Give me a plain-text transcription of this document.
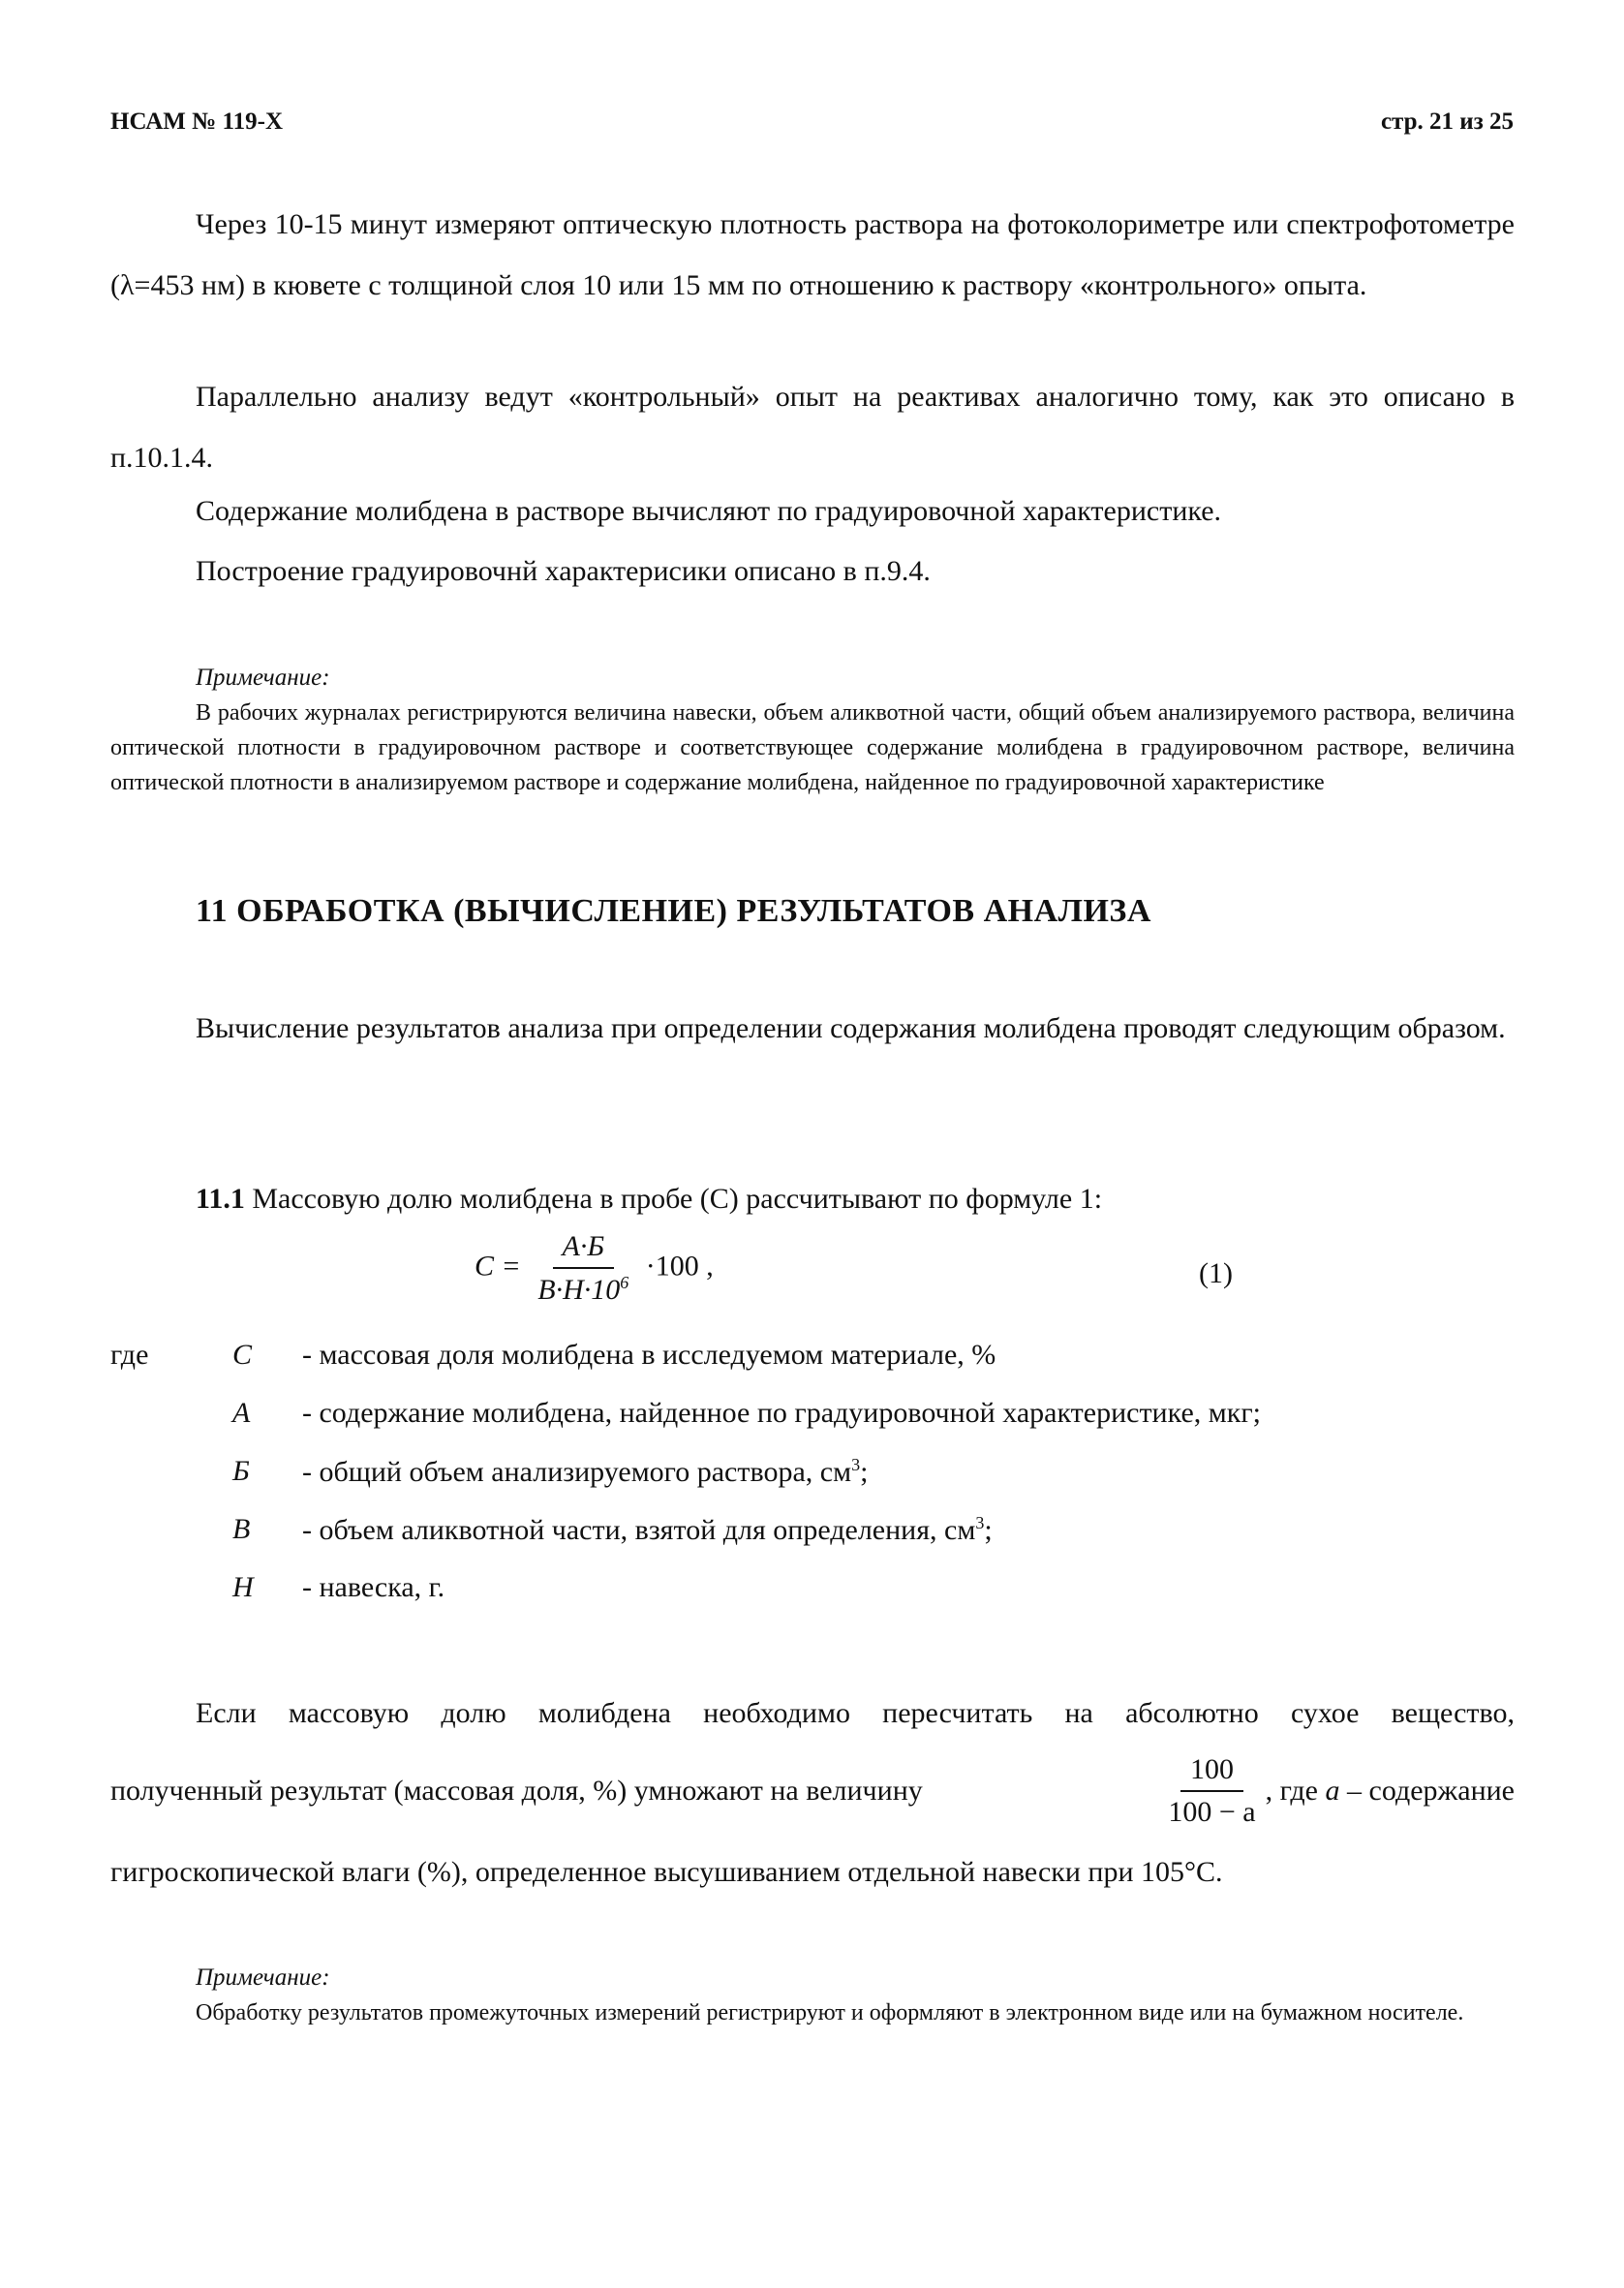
НСАМ № 119-Х	стр. 21 из 25

Через 10-15 минут измеряют оптическую плотность раствора на фотоколориметре или спектрофотометре (λ=453 нм) в кювете с толщиной слоя 10 или 15 мм по отношению к раствору «контрольного» опыта.

Параллельно анализу ведут «контрольный» опыт на реактивах аналогично тому, как это описано в п.10.1.4.

Содержание молибдена в растворе вычисляют по градуировочной характеристике.
Построение градуировочнй характерисики описано в п.9.4.
Примечание:

В рабочих журналах регистрируются величина навески, объем аликвотной части, общий объем анализируемого раствора, величина оптической плотности в градуировочном растворе и соответствующее содержание молибдена в градуировочном растворе, величина оптической плотности в анализируемом растворе и содержание молибдена, найденное по градуировочной характеристике

11 ОБРАБОТКА (ВЫЧИСЛЕНИЕ) РЕЗУЛЬТАТОВ АНАЛИЗА

Вычисление результатов анализа при определении содержания молибдена проводят следующим образом.

11.1 Массовую долю молибдена в пробе (С) рассчитывают по формуле 1:
$C = \frac{A\cdot Б}{B\cdot H\cdot 10^6} \cdot 100$ ,	(1)
где	C - массовая доля молибдена в исследуемом материале, %
A - содержание молибдена, найденное по градуировочной характеристике, мкг;
Б - общий объем анализируемого раствора, $см^3$;
B - объем аликвотной части, взятой для определения, $см^3$;
H - навеска, г.
Если массовую долю молибдена необходимо пересчитать на абсолютно сухое вещество,
полученный результат (массовая доля, %) умножают на величину	$\frac{100}{100 - a}$ , где
a
– содержание
гигроскопической влаги (%), определенное высушиванием отдельной навески при 105°C.
Примечание:

Обработку результатов промежуточных измерений регистрируют и оформляют в электронном виде или на бумажном носителе.
